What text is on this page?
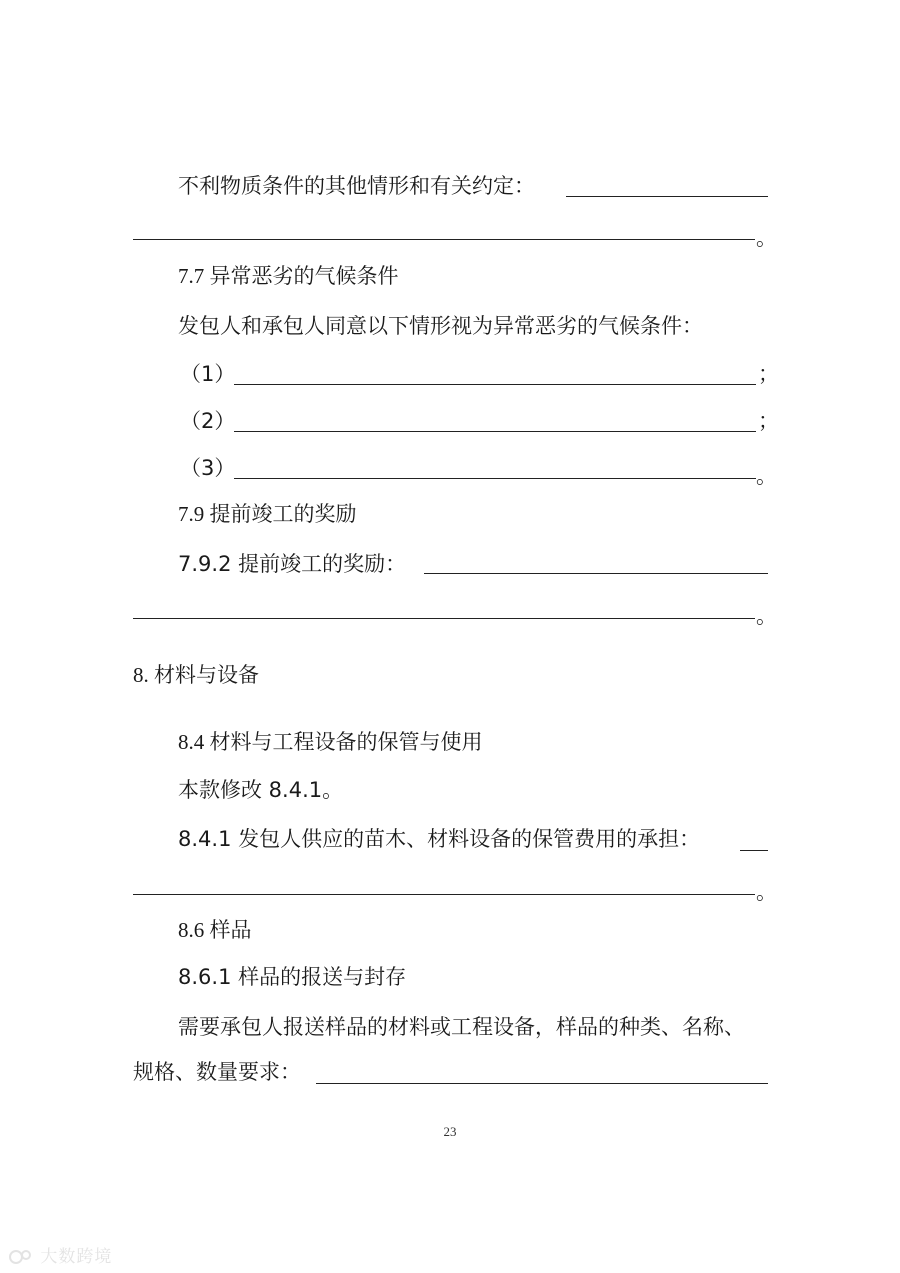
不利物质条件的其他情形和有关约定：
。
7.7 异常恶劣的气候条件
发包人和承包人同意以下情形视为异常恶劣的气候条件：
（1）	；
（2）	；
（3）	。
7.9 提前竣工的奖励
7.9.2 提前竣工的奖励：
。
8. 材料与设备
8.4 材料与工程设备的保管与使用
本款修改 8.4.1。
8.4.1 发包人供应的苗木、材料设备的保管费用的承担：
。
8.6 样品
8.6.1 样品的报送与封存
需要承包人报送样品的材料或工程设备，样品的种类、名称、
规格、数量要求：
23
大数跨境
